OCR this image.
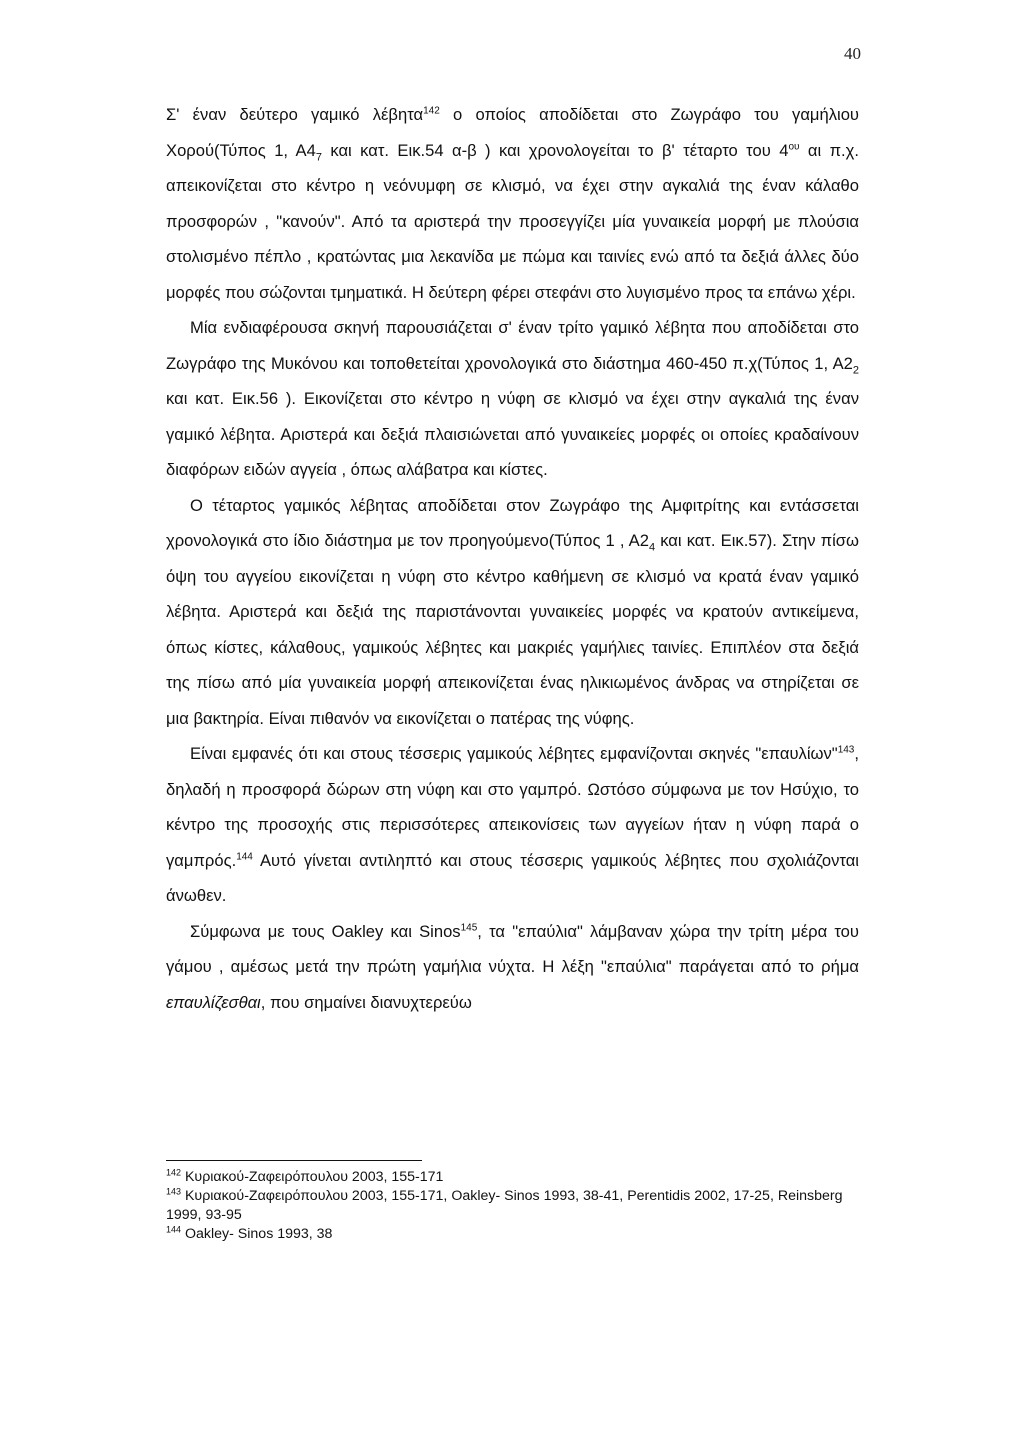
40

Σ' έναν δεύτερο γαμικό λέβητα$^{142}$ ο οποίος αποδίδεται στο Ζωγράφο του γαμήλιου Χορού(Τύπος 1, $A4_7$ και κατ. Εικ.54 α-β ) και χρονολογείται το β' τέταρτο του $4^{o\upsilon}$ αι π.χ. απεικονίζεται στο κέντρο η νεόνυμφη σε κλισμό, να έχει στην αγκαλιά της έναν κάλαθο προσφορών , "κανούν". Από τα αριστερά την προσεγγίζει μία γυναικεία μορφή με πλούσια στολισμένο πέπλο , κρατώντας μια λεκανίδα με πώμα και ταινίες ενώ από τα δεξιά άλλες δύο μορφές που σώζονται τμηματικά. Η δεύτερη φέρει στεφάνι στο λυγισμένο προς τα επάνω χέρι.

Μία ενδιαφέρουσα σκηνή παρουσιάζεται σ' έναν τρίτο γαμικό λέβητα που αποδίδεται στο Ζωγράφο της Μυκόνου και τοποθετείται χρονολογικά στο διάστημα 460-450 π.χ(Τύπος 1, $A2_2$ και κατ. Εικ.56 ). Εικονίζεται στο κέντρο η νύφη σε κλισμό να έχει στην αγκαλιά της έναν γαμικό λέβητα. Αριστερά και δεξιά πλαισιώνεται από γυναικείες μορφές οι οποίες κραδαίνουν διαφόρων ειδών αγγεία , όπως αλάβατρα και κίστες.

Ο τέταρτος γαμικός λέβητας αποδίδεται στον Ζωγράφο της Αμφιτρίτης και εντάσσεται χρονολογικά στο ίδιο διάστημα με τον προηγούμενο(Τύπος 1 , $A2_4$ και κατ. Εικ.57). Στην πίσω όψη του αγγείου εικονίζεται η νύφη στο κέντρο καθήμενη σε κλισμό να κρατά έναν γαμικό λέβητα. Αριστερά και δεξιά της παριστάνονται γυναικείες μορφές να κρατούν αντικείμενα, όπως κίστες, κάλαθους, γαμικούς λέβητες και μακριές γαμήλιες ταινίες. Επιπλέον στα δεξιά της πίσω από μία γυναικεία μορφή απεικονίζεται ένας ηλικιωμένος άνδρας να στηρίζεται σε μια βακτηρία. Είναι πιθανόν να εικονίζεται ο πατέρας της νύφης.

Είναι εμφανές ότι και στους τέσσερις γαμικούς λέβητες εμφανίζονται σκηνές "επαυλίων"$^{143}$, δηλαδή η προσφορά δώρων στη νύφη και στο γαμπρό. Ωστόσο σύμφωνα με τον Ησύχιο, το κέντρο της προσοχής στις περισσότερες απεικονίσεις των αγγείων ήταν η νύφη παρά ο γαμπρός.$^{144}$ Αυτό γίνεται αντιληπτό και στους τέσσερις γαμικούς λέβητες που σχολιάζονται άνωθεν.

Σύμφωνα με τους Oakley και Sinos$^{145}$, τα "επαύλια" λάμβαναν χώρα την τρίτη μέρα του γάμου , αμέσως μετά την πρώτη γαμήλια νύχτα. Η λέξη "επαύλια" παράγεται από το ρήμα επαυλίζεσθαι, που σημαίνει διανυχτερεύω

$^{142}$ Κυριακού-Ζαφειρόπουλου 2003, 155-171

$^{143}$ Κυριακού-Ζαφειρόπουλου 2003, 155-171, Oakley- Sinos 1993, 38-41, Perentidis 2002, 17-25, Reinsberg 1999, 93-95

$^{144}$ Oakley- Sinos 1993, 38
